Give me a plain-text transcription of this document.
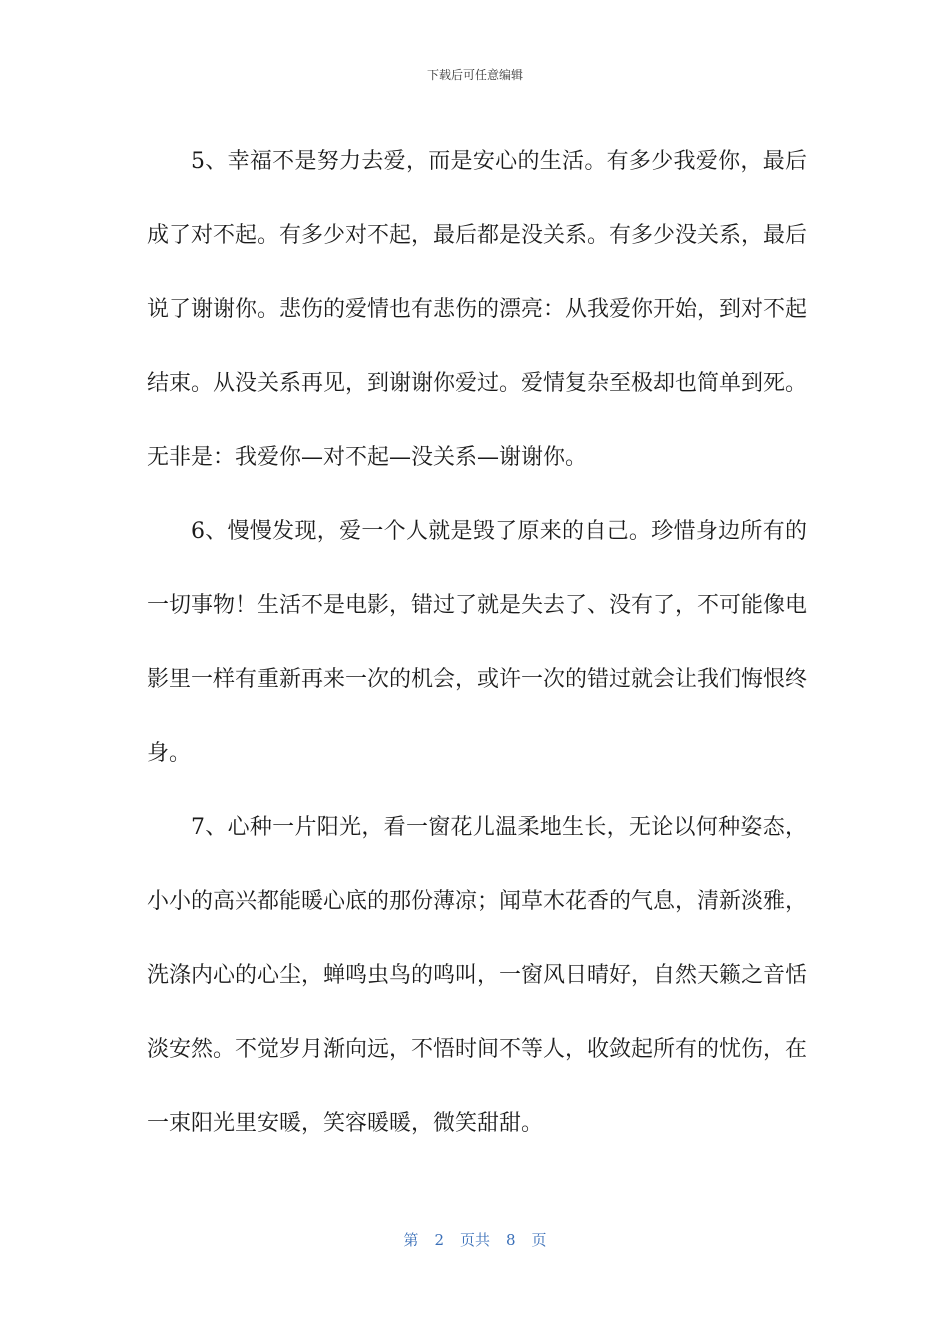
下载后可任意编辑

5、幸福不是努力去爱，而是安心的生活。有多少我爱你，最后成了对不起。有多少对不起，最后都是没关系。有多少没关系，最后说了谢谢你。悲伤的爱情也有悲伤的漂亮：从我爱你开始，到对不起结束。从没关系再见，到谢谢你爱过。爱情复杂至极却也简单到死。无非是：我爱你—对不起—没关系—谢谢你。

6、慢慢发现，爱一个人就是毁了原来的自己。珍惜身边所有的一切事物！生活不是电影，错过了就是失去了、没有了，不可能像电影里一样有重新再来一次的机会，或许一次的错过就会让我们悔恨终身。

7、心种一片阳光，看一窗花儿温柔地生长，无论以何种姿态，小小的高兴都能暖心底的那份薄凉；闻草木花香的气息，清新淡雅，洗涤内心的心尘，蝉鸣虫鸟的鸣叫，一窗风日晴好，自然天籁之音恬淡安然。不觉岁月渐向远，不悟时间不等人，收敛起所有的忧伤，在一束阳光里安暖，笑容暖暖，微笑甜甜。

第 2 页共 8 页
